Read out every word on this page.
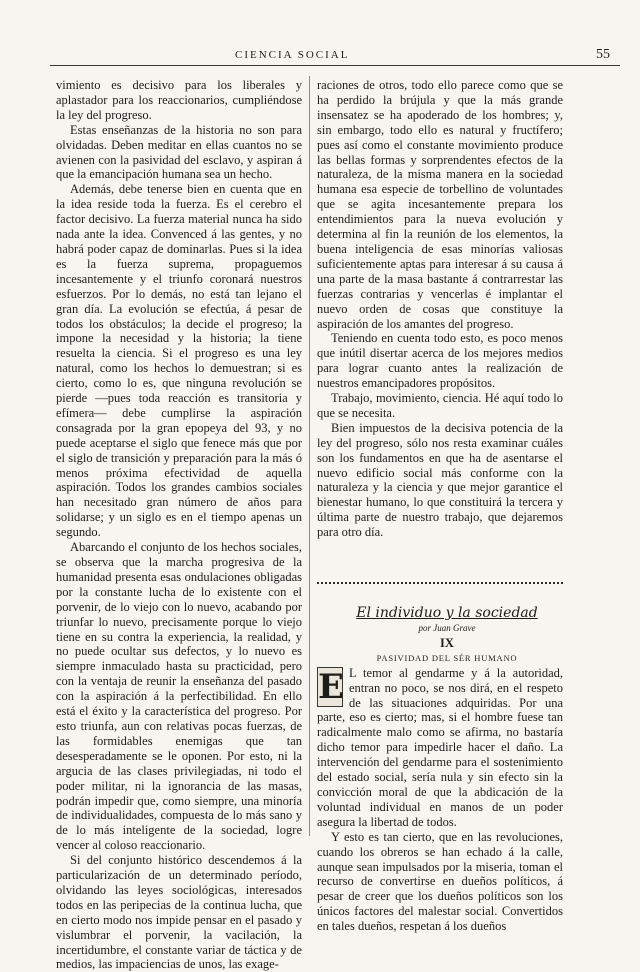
CIENCIA SOCIAL	55

vimiento es decisivo para los liberales y aplastador para los reaccionarios, cumpliéndose la ley del progreso.

Estas enseñanzas de la historia no son para olvidadas. Deben meditar en ellas cuantos no se avienen con la pasividad del esclavo, y aspiran á que la emancipación humana sea un hecho.

Además, debe tenerse bien en cuenta que en la idea reside toda la fuerza. Es el cerebro el factor decisivo. La fuerza material nunca ha sido nada ante la idea. Convenced á las gentes, y no habrá poder capaz de dominarlas. Pues si la idea es la fuerza suprema, propaguemos incesantemente y el triunfo coronará nuestros esfuerzos. Por lo demás, no está tan lejano el gran día. La evolución se efectúa, á pesar de todos los obstáculos; la decide el progreso; la impone la necesidad y la historia; la tiene resuelta la ciencia. Si el progreso es una ley natural, como los hechos lo demuestran; si es cierto, como lo es, que ninguna revolución se pierde —pues toda reacción es transitoria y efímera— debe cumplirse la aspiración consagrada por la gran epopeya del 93, y no puede aceptarse el siglo que fenece más que por el siglo de transición y preparación para la más ó menos próxima efectividad de aquella aspiración. Todos los grandes cambios sociales han necesitado gran número de años para solidarse; y un siglo es en el tiempo apenas un segundo.

Abarcando el conjunto de los hechos sociales, se observa que la marcha progresiva de la humanidad presenta esas ondulaciones obligadas por la constante lucha de lo existente con el porvenir, de lo viejo con lo nuevo, acabando por triunfar lo nuevo, precisamente porque lo viejo tiene en su contra la experiencia, la realidad, y no puede ocultar sus defectos, y lo nuevo es siempre inmaculado hasta su practicidad, pero con la ventaja de reunir la enseñanza del pasado con la aspiración á la perfectibilidad. En ello está el éxito y la característica del progreso. Por esto triunfa, aun con relativas pocas fuerzas, de las formidables enemigas que tan desesperadamente se le oponen. Por esto, ni la argucia de las clases privilegiadas, ni todo el poder militar, ni la ignorancia de las masas, podrán impedir que, como siempre, una minoría de individualidades, compuesta de lo más sano y de lo más inteligente de la sociedad, logre vencer al coloso reaccionario.

Si del conjunto histórico descendemos á la particularización de un determinado período, olvidando las leyes sociológicas, interesados todos en las peripecias de la continua lucha, que en cierto modo nos impide pensar en el pasado y vislumbrar el porvenir, la vacilación, la incertidumbre, el constante variar de táctica y de medios, las impaciencias de unos, las exage-

raciones de otros, todo ello parece como que se ha perdido la brújula y que la más grande insensatez se ha apoderado de los hombres; y, sin embargo, todo ello es natural y fructífero; pues así como el constante movimiento produce las bellas formas y sorprendentes efectos de la naturaleza, de la misma manera en la sociedad humana esa especie de torbellino de voluntades que se agita incesantemente prepara los entendimientos para la nueva evolución y determina al fin la reunión de los elementos, la buena inteligencia de esas minorías valiosas suficientemente aptas para interesar á su causa á una parte de la masa bastante á contrarrestar las fuerzas contrarias y vencerlas é implantar el nuevo orden de cosas que constituye la aspiración de los amantes del progreso.

Teniendo en cuenta todo esto, es poco menos que inútil disertar acerca de los mejores medios para lograr cuanto antes la realización de nuestros emancipadores propósitos.

Trabajo, movimiento, ciencia. Hé aquí todo lo que se necesita.

Bien impuestos de la decisiva potencia de la ley del progreso, sólo nos resta examinar cuáles son los fundamentos en que ha de asentarse el nuevo edificio social más conforme con la naturaleza y la ciencia y que mejor garantice el bienestar humano, lo que constituirá la tercera y última parte de nuestro trabajo, que dejaremos para otro día.

El individuo y la sociedad

por Juan Grave

IX

PASIVIDAD DEL SÉR HUMANO

E L temor al gendarme y á la autoridad, entran no poco, se nos dirá, en el respeto de las situaciones adquiridas. Por una parte, eso es cierto; mas, si el hombre fuese tan radicalmente malo como se afirma, no bastaría dicho temor para impedirle hacer el daño. La intervención del gendarme para el sostenimiento del estado social, sería nula y sin efecto sin la convicción moral de que la abdicación de la voluntad individual en manos de un poder asegura la libertad de todos.

Y esto es tan cierto, que en las revoluciones, cuando los obreros se han echado á la calle, aunque sean impulsados por la miseria, toman el recurso de convertirse en dueños políticos, á pesar de creer que los dueños políticos son los únicos factores del malestar social. Convertidos en tales dueños, respetan á los dueños
